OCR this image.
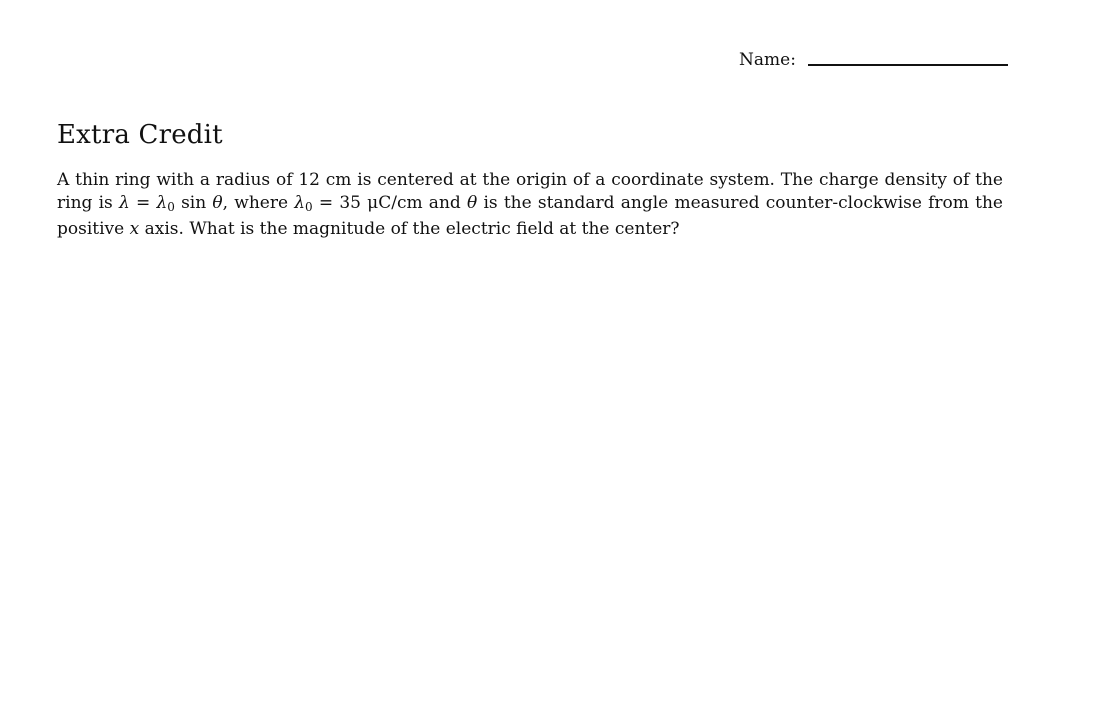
Name:
Extra Credit

A thin ring with a radius of 12 cm is centered at the origin of a coordinate system. The charge density of the ring is $\lambda = \lambda_0$ sin θ, where $\lambda_0 = 35$ μC/cm and θ is the standard angle measured counter-clockwise from the positive x axis. What is the magnitude of the electric field at the center?
